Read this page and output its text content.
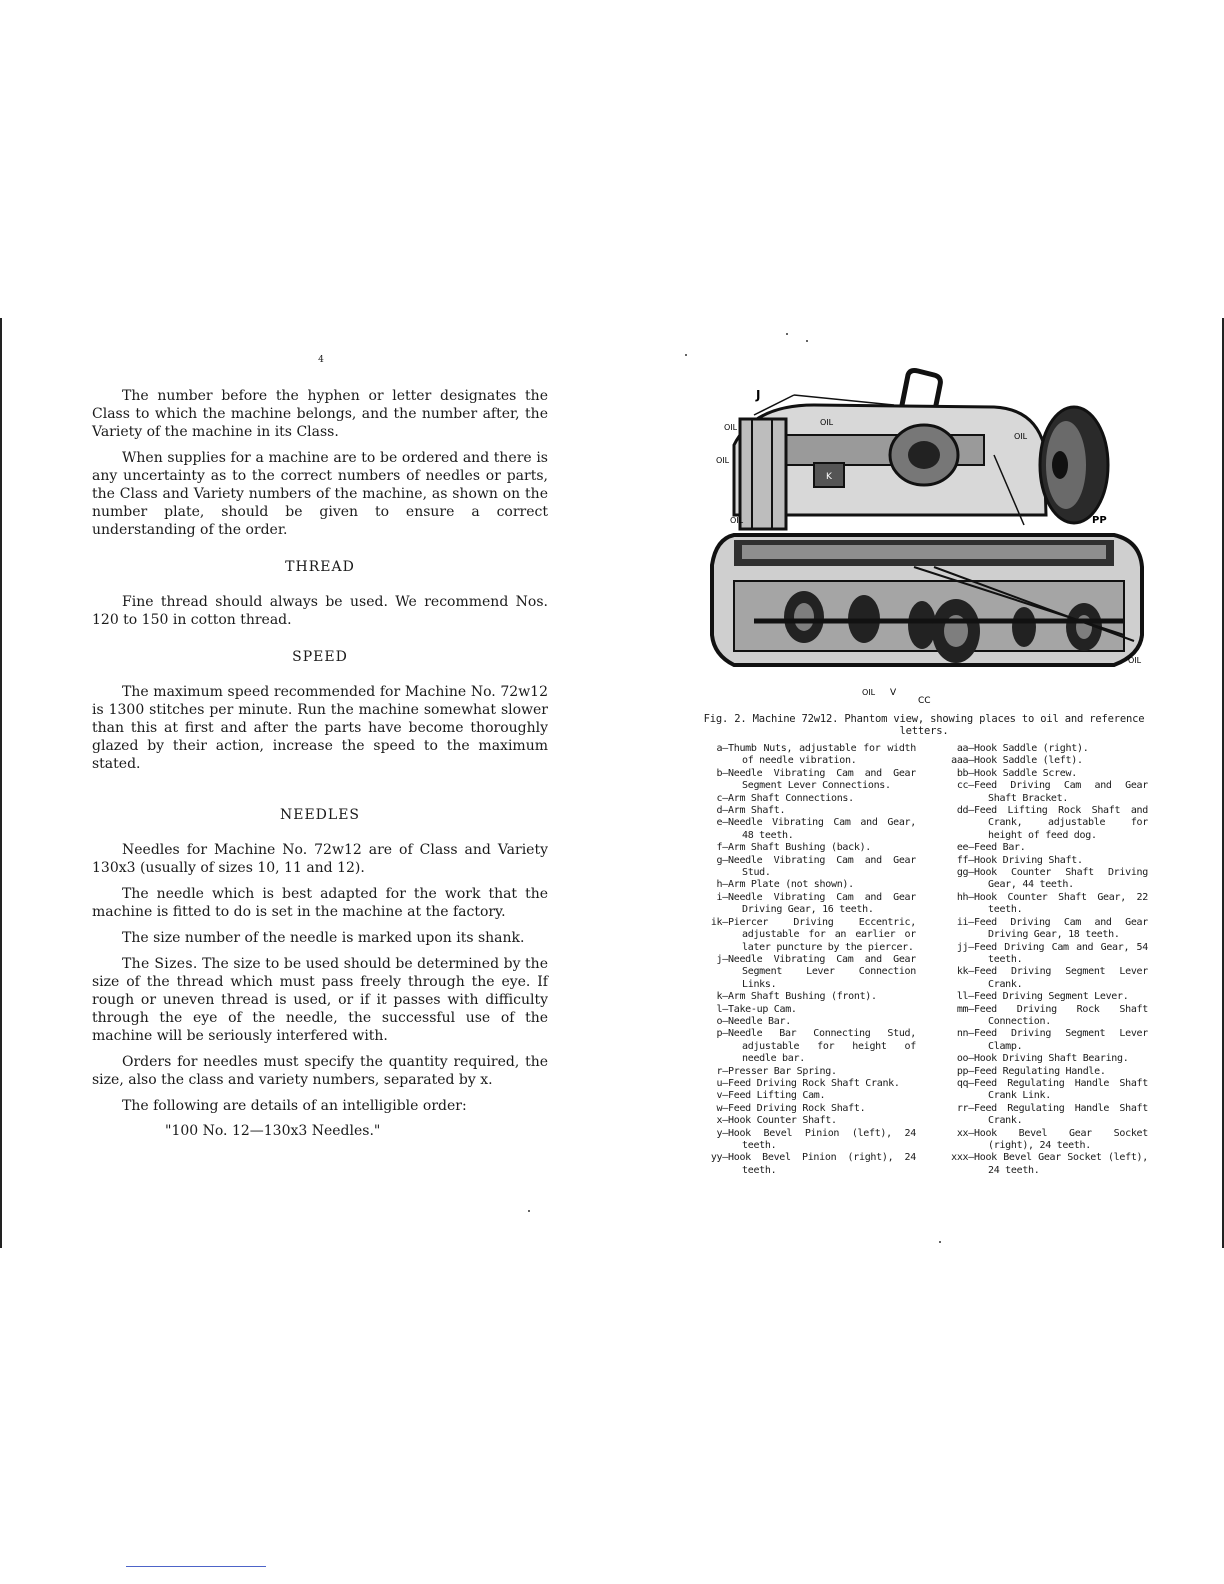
4

The number before the hyphen or letter designates the Class to which the machine belongs, and the number after, the Variety of the machine in its Class.

When supplies for a machine are to be ordered and there is any uncertainty as to the correct numbers of needles or parts, the Class and Variety numbers of the machine, as shown on the number plate, should be given to ensure a correct understanding of the order.

THREAD

Fine thread should always be used. We recommend Nos. 120 to 150 in cotton thread.

SPEED

The maximum speed recommended for Machine No. 72w12 is 1300 stitches per minute. Run the machine somewhat slower than this at first and after the parts have become thoroughly glazed by their action, increase the speed to the maximum stated.

NEEDLES

Needles for Machine No. 72w12 are of Class and Variety 130x3 (usually of sizes 10, 11 and 12).

The needle which is best adapted for the work that the machine is fitted to do is set in the machine at the factory.

The size number of the needle is marked upon its shank.

The Sizes. The size to be used should be determined by the size of the thread which must pass freely through the eye. If rough or uneven thread is used, or if it passes with difficulty through the eye of the needle, the successful use of the machine will be seriously interfered with.

Orders for needles must specify the quantity required, the size, also the class and variety numbers, separated by x.

The following are details of an intelligible order:

"100 No. 12—130x3 Needles."
J
OIL
OIL
OIL
OIL
OIL
OIL
OIL
PP
V
CC
K
Fig. 2. Machine 72w12. Phantom view, showing places to oil and reference letters.
a— Thumb Nuts, adjustable for width of needle vibration.
b— Needle Vibrating Cam and Gear Segment Lever Connections.
c— Arm Shaft Connections.
d— Arm Shaft.
e— Needle Vibrating Cam and Gear, 48 teeth.
f— Arm Shaft Bushing (back).
g— Needle Vibrating Cam and Gear Stud.
h— Arm Plate (not shown).
i— Needle Vibrating Cam and Gear Driving Gear, 16 teeth.
ik— Piercer Driving Eccentric, adjustable for an earlier or later puncture by the piercer.
j— Needle Vibrating Cam and Gear Segment Lever Connection Links.
k— Arm Shaft Bushing (front).
l— Take-up Cam.
o— Needle Bar.
p— Needle Bar Connecting Stud, adjustable for height of needle bar.
r— Presser Bar Spring.
u— Feed Driving Rock Shaft Crank.
v— Feed Lifting Cam.
w— Feed Driving Rock Shaft.
x— Hook Counter Shaft.
y— Hook Bevel Pinion (left), 24 teeth.
yy— Hook Bevel Pinion (right), 24 teeth.
aa— Hook Saddle (right).
aaa— Hook Saddle (left).
bb— Hook Saddle Screw.
cc— Feed Driving Cam and Gear Shaft Bracket.
dd— Feed Lifting Rock Shaft and Crank, adjustable for height of feed dog.
ee— Feed Bar.
ff— Hook Driving Shaft.
gg— Hook Counter Shaft Driving Gear, 44 teeth.
hh— Hook Counter Shaft Gear, 22 teeth.
ii— Feed Driving Cam and Gear Driving Gear, 18 teeth.
jj— Feed Driving Cam and Gear, 54 teeth.
kk— Feed Driving Segment Lever Crank.
ll— Feed Driving Segment Lever.
mm— Feed Driving Rock Shaft Connection.
nn— Feed Driving Segment Lever Clamp.
oo— Hook Driving Shaft Bearing.
pp— Feed Regulating Handle.
qq— Feed Regulating Handle Shaft Crank Link.
rr— Feed Regulating Handle Shaft Crank.
xx— Hook Bevel Gear Socket (right), 24 teeth.
xxx— Hook Bevel Gear Socket (left), 24 teeth.
